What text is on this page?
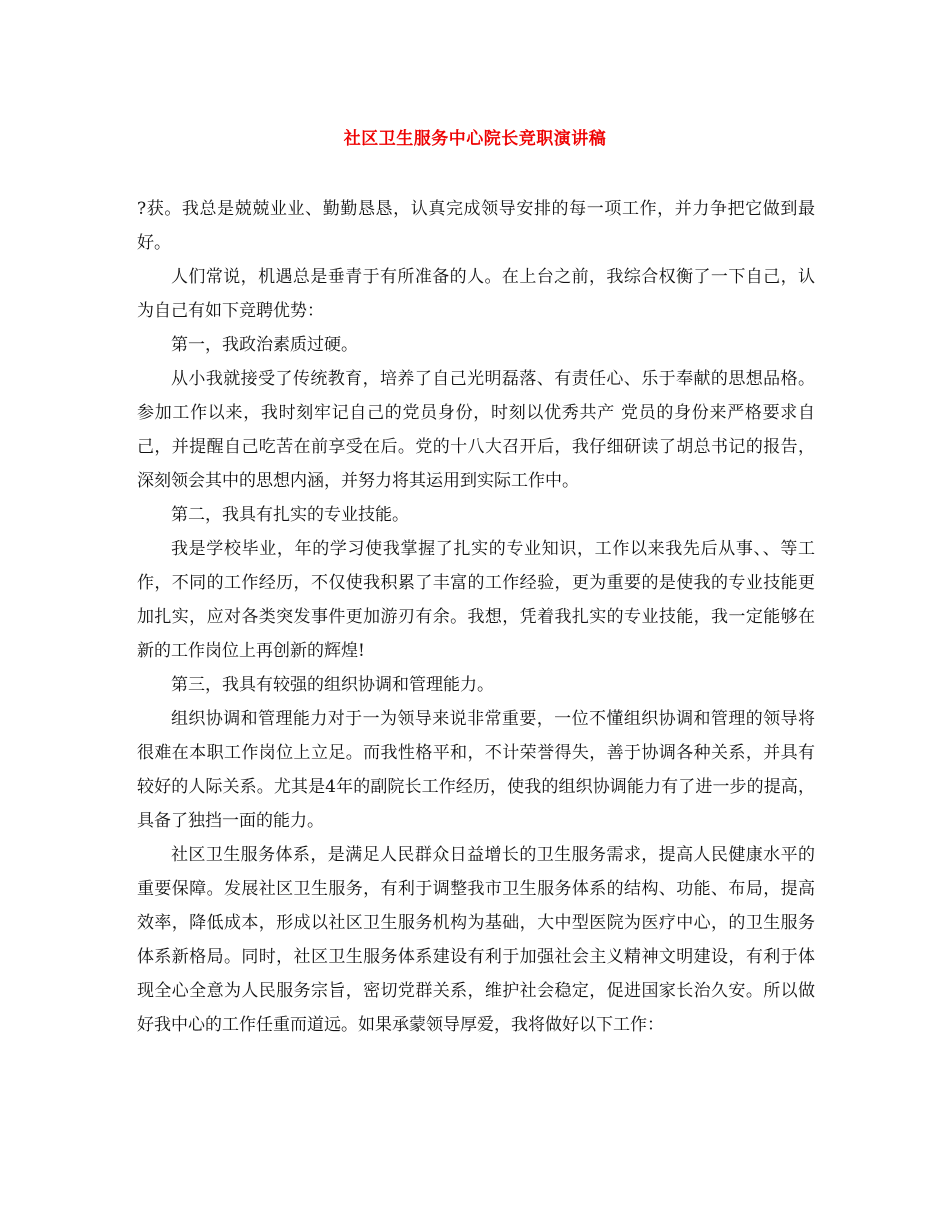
社区卫生服务中心院长竞职演讲稿

?获。我总是兢兢业业、勤勤恳恳，认真完成领导安排的每一项工作，并力争把它做到最好。

人们常说，机遇总是垂青于有所准备的人。在上台之前，我综合权衡了一下自己，认为自己有如下竞聘优势：

第一，我政治素质过硬。

从小我就接受了传统教育，培养了自己光明磊落、有责任心、乐于奉献的思想品格。参加工作以来，我时刻牢记自己的党员身份，时刻以优秀共产 党员的身份来严格要求自己，并提醒自己吃苦在前享受在后。党的十八大召开后，我仔细研读了胡总书记的报告，深刻领会其中的思想内涵，并努力将其运用到实际工作中。

第二，我具有扎实的专业技能。

我是学校毕业，年的学习使我掌握了扎实的专业知识，工作以来我先后从事、、等工作，不同的工作经历，不仅使我积累了丰富的工作经验，更为重要的是使我的专业技能更加扎实，应对各类突发事件更加游刃有余。我想，凭着我扎实的专业技能，我一定能够在新的工作岗位上再创新的辉煌!

第三，我具有较强的组织协调和管理能力。

组织协调和管理能力对于一为领导来说非常重要，一位不懂组织协调和管理的领导将很难在本职工作岗位上立足。而我性格平和，不计荣誉得失，善于协调各种关系，并具有较好的人际关系。尤其是4年的副院长工作经历，使我的组织协调能力有了进一步的提高，具备了独挡一面的能力。

社区卫生服务体系，是满足人民群众日益增长的卫生服务需求，提高人民健康水平的重要保障。发展社区卫生服务，有利于调整我市卫生服务体系的结构、功能、布局，提高效率，降低成本，形成以社区卫生服务机构为基础，大中型医院为医疗中心，的卫生服务体系新格局。同时，社区卫生服务体系建设有利于加强社会主义精神文明建设，有利于体现全心全意为人民服务宗旨，密切党群关系，维护社会稳定，促进国家长治久安。所以做好我中心的工作任重而道远。如果承蒙领导厚爱，我将做好以下工作：
